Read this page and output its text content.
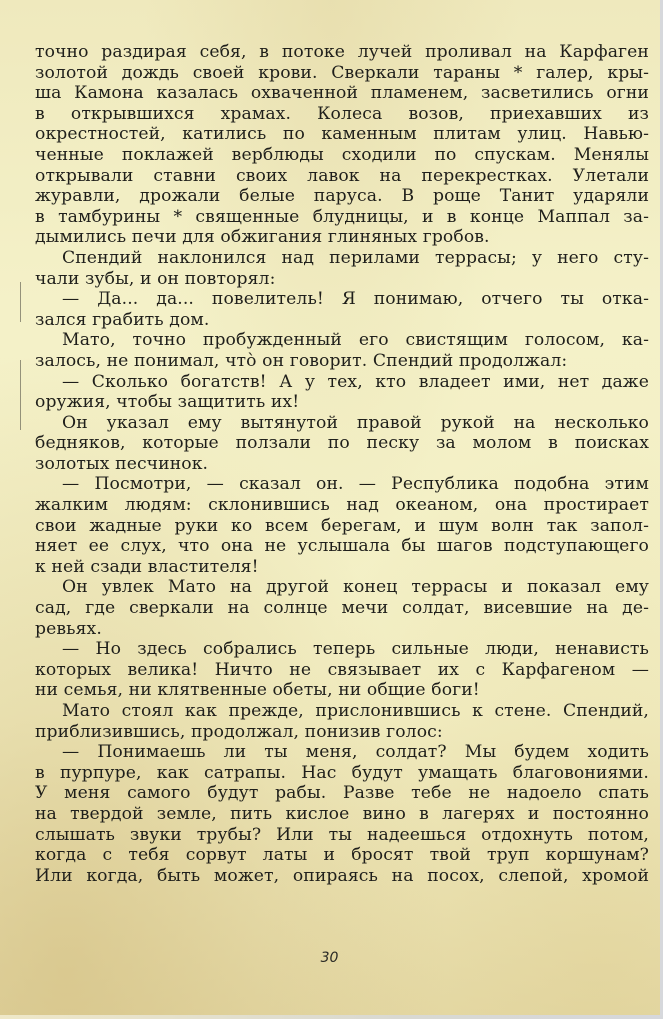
точно раздирая себя, в потоке лучей проливал на Карфаген
золотой дождь своей крови. Сверкали тараны * галер, кры-
ша Камона казалась охваченной пламенем, засветились огни
в открывшихся храмах. Колеса возов, приехавших из
окрестностей, катились по каменным плитам улиц. Навью-
ченные поклажей верблюды сходили по спускам. Менялы
открывали ставни своих лавок на перекрестках. Улетали
журавли, дрожали белые паруса. В роще Танит ударяли
в тамбурины * священные блудницы, и в конце Маппал за-
дымились печи для обжигания глиняных гробов.
Спендий наклонился над перилами террасы; у него сту-
чали зубы, и он повторял:
— Да... да... повелитель! Я понимаю, отчего ты отка-
зался грабить дом.
Мато, точно пробужденный его свистящим голосом, ка-
залось, не понимал, что̀ он говорит. Спендий продолжал:
— Сколько богатств! А у тех, кто владеет ими, нет даже
оружия, чтобы защитить их!
Он указал ему вытянутой правой рукой на несколько
бедняков, которые ползали по песку за молом в поисках
золотых песчинок.
— Посмотри, — сказал он. — Республика подобна этим
жалким людям: склонившись над океаном, она простирает
свои жадные руки ко всем берегам, и шум волн так запол-
няет ее слух, что она не услышала бы шагов подступающего
к ней сзади властителя!
Он увлек Мато на другой конец террасы и показал ему
сад, где сверкали на солнце мечи солдат, висевшие на де-
ревьях.
— Но здесь собрались теперь сильные люди, ненависть
которых велика! Ничто не связывает их с Карфагеном —
ни семья, ни клятвенные обеты, ни общие боги!
Мато стоял как прежде, прислонившись к стене. Спендий,
приблизившись, продолжал, понизив голос:
— Понимаешь ли ты меня, солдат? Мы будем ходить
в пурпуре, как сатрапы. Нас будут умащать благовониями.
У меня самого будут рабы. Разве тебе не надоело спать
на твердой земле, пить кислое вино в лагерях и постоянно
слышать звуки трубы? Или ты надеешься отдохнуть потом,
когда с тебя сорвут латы и бросят твой труп коршунам?
Или когда, быть может, опираясь на посох, слепой, хромой
30
